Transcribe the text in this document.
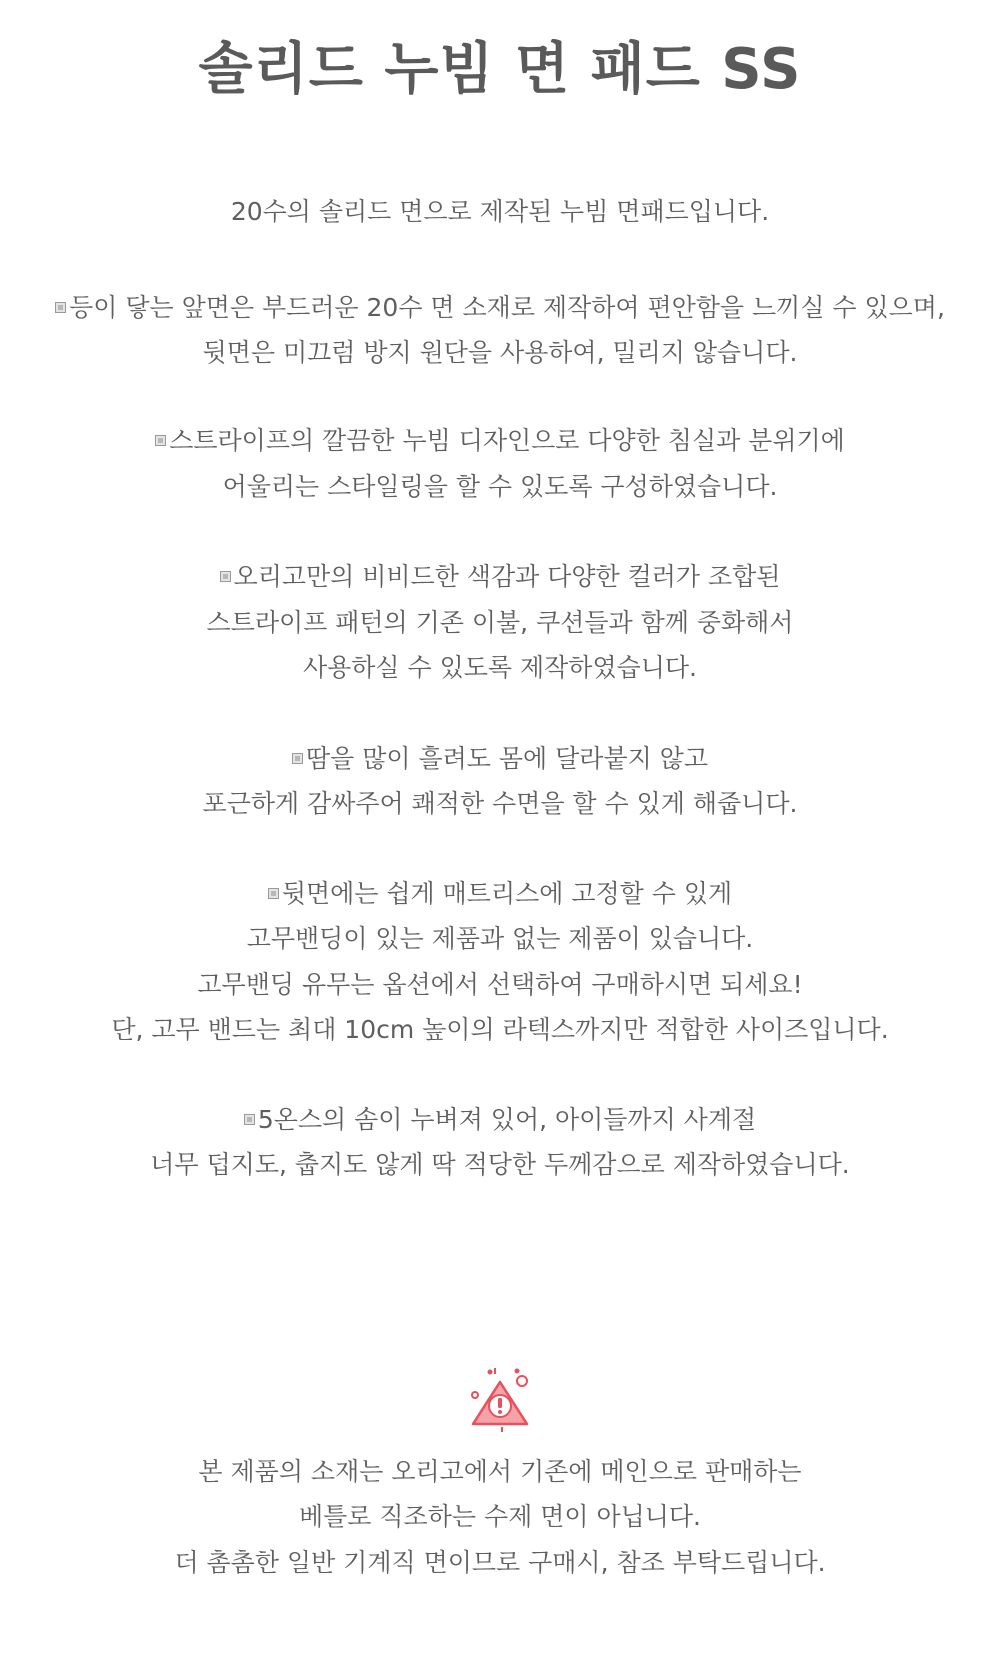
솔리드 누빔 면 패드 SS
20수의 솔리드 면으로 제작된 누빔 면패드입니다.
등이 닿는 앞면은 부드러운 20수 면 소재로 제작하여 편안함을 느끼실 수 있으며,
뒷면은 미끄럼 방지 원단을 사용하여, 밀리지 않습니다.
스트라이프의 깔끔한 누빔 디자인으로 다양한 침실과 분위기에
어울리는 스타일링을 할 수 있도록 구성하였습니다.
오리고만의 비비드한 색감과 다양한 컬러가 조합된
스트라이프 패턴의 기존 이불, 쿠션들과 함께 중화해서
사용하실 수 있도록 제작하였습니다.
땀을 많이 흘려도 몸에 달라붙지 않고
포근하게 감싸주어 쾌적한 수면을 할 수 있게 해줍니다.
뒷면에는 쉽게 매트리스에 고정할 수 있게
고무밴딩이 있는 제품과 없는 제품이 있습니다.
고무밴딩 유무는 옵션에서 선택하여 구매하시면 되세요!
단, 고무 밴드는 최대 10cm 높이의 라텍스까지만 적합한 사이즈입니다.
5온스의 솜이 누벼져 있어, 아이들까지 사계절
너무 덥지도, 춥지도 않게 딱 적당한 두께감으로 제작하였습니다.
본 제품의 소재는 오리고에서 기존에 메인으로 판매하는
베틀로 직조하는 수제 면이 아닙니다.
더 촘촘한 일반 기계직 면이므로 구매시, 참조 부탁드립니다.
